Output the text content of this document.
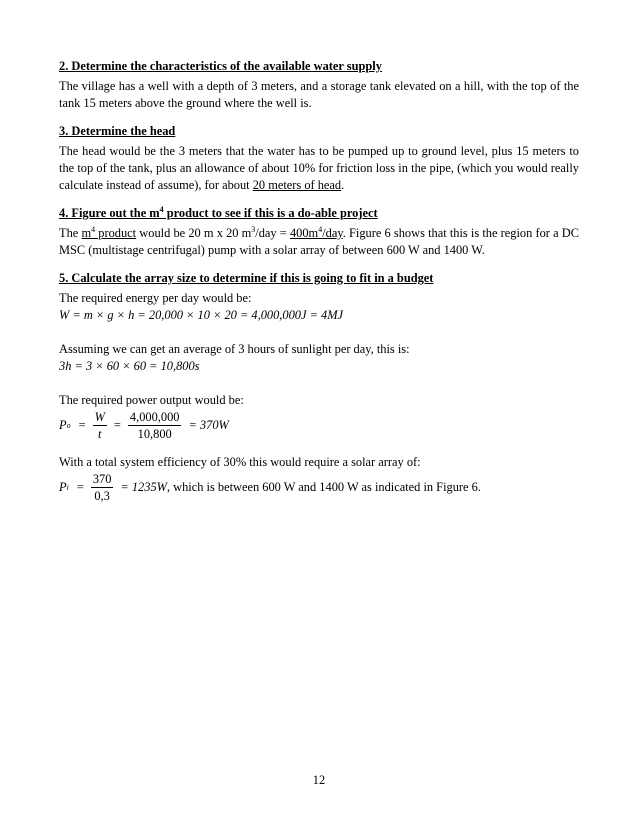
2. Determine the characteristics of the available water supply

The village has a well with a depth of 3 meters, and a storage tank elevated on a hill, with the top of the tank 15 meters above the ground where the well is.

3. Determine the head

The head would be the 3 meters that the water has to be pumped up to ground level, plus 15 meters to the top of the tank, plus an allowance of about 10% for friction loss in the pipe, (which you would really calculate instead of assume), for about 20 meters of head.

4. Figure out the $m^4$ product to see if this is a do-able project

The $m^4$ product would be 20 m x 20 $m^3$/day = $400m^4$/day. Figure 6 shows that this is the region for a DC MSC (multistage centrifugal) pump with a solar array of between 600 W and 1400 W.

5. Calculate the array size to determine if this is going to fit in a budget

The required energy per day would be:

W = m × g × h = 20,000 × 10 × 20 = 4,000,000J = 4MJ

Assuming we can get an average of 3 hours of sunlight per day, this is:

3h = 3 × 60 × 60 = 10,800s

The required power output would be:

P $o = \frac{W}{t} = \frac{4,000,000}{10,800} = 370W$

With a total system efficiency of 30% this would require a solar array of:

P $i = \frac{370}{0,3} = 1235W$ , which is between 600 W and 1400 W as indicated in Figure 6.
12
